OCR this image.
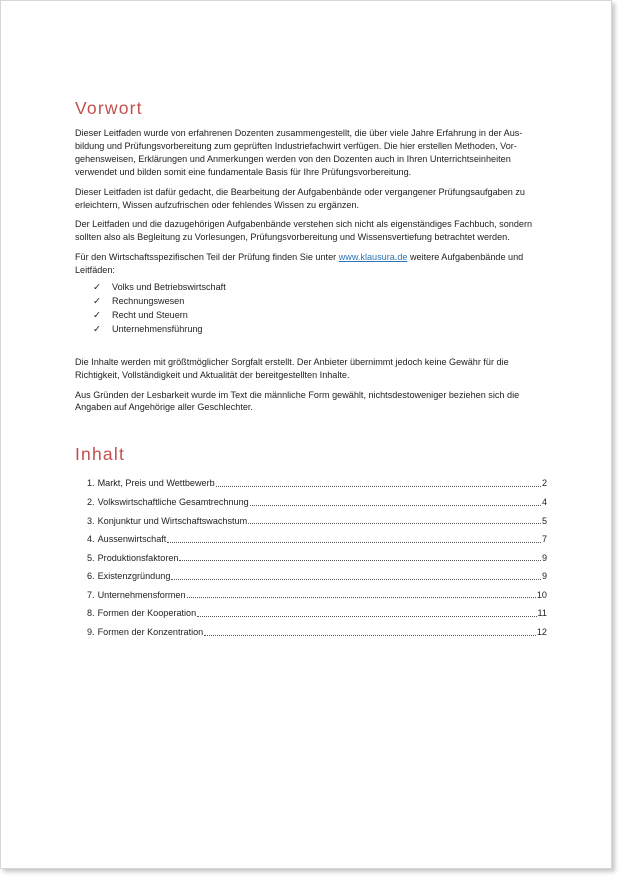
Vorwort

Dieser Leitfaden wurde von erfahrenen Dozenten zusammengestellt, die über viele Jahre Erfahrung in der Aus-bildung und Prüfungsvorbereitung zum geprüften Industriefachwirt verfügen. Die hier erstellen Methoden, Vor-gehensweisen, Erklärungen und Anmerkungen werden von den Dozenten auch in Ihren Unterrichtseinheiten verwendet und bilden somit eine fundamentale Basis für Ihre Prüfungsvorbereitung.

Dieser Leitfaden ist dafür gedacht, die Bearbeitung der Aufgabenbände oder vergangener Prüfungsaufgaben zu erleichtern, Wissen aufzufrischen oder fehlendes Wissen zu ergänzen.

Der Leitfaden und die dazugehörigen Aufgabenbände verstehen sich nicht als eigenständiges Fachbuch, sondern sollten also als Begleitung zu Vorlesungen, Prüfungsvorbereitung und Wissensvertiefung betrachtet werden.

Für den Wirtschaftsspezifischen Teil der Prüfung finden Sie unter www.klausura.de weitere Aufgabenbände und Leitfäden:

✓	Volks und Betriebswirtschaft
✓	Rechnungswesen
✓	Recht und Steuern
✓	Unternehmensführung

Die Inhalte werden mit größtmöglicher Sorgfalt erstellt. Der Anbieter übernimmt jedoch keine Gewähr für die Richtigkeit, Vollständigkeit und Aktualität der bereitgestellten Inhalte.

Aus Gründen der Lesbarkeit wurde im Text die männliche Form gewählt, nichtsdestoweniger beziehen sich die Angaben auf Angehörige aller Geschlechter.

Inhalt
1. Markt, Preis und Wettbewerb	2
2. Volkswirtschaftliche Gesamtrechnung	4
3. Konjunktur und Wirtschaftswachstum	5
4. Aussenwirtschaft	7
5. Produktionsfaktoren	9
6. Existenzgründung	9
7. Unternehmensformen	10
8. Formen der Kooperation	11
9. Formen der Konzentration	12
